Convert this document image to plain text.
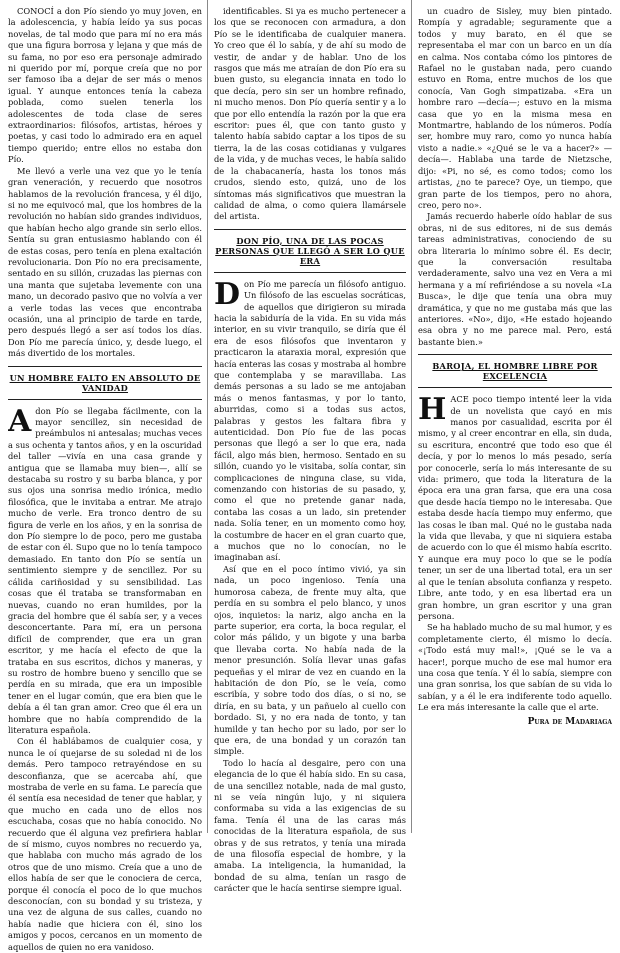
CONOCÍ a don Pío siendo yo muy joven, en la adolescencia, y había leído ya sus pocas novelas, de tal modo que para mí no era más que una figura borrosa y lejana y que más de su fama, no por eso era personaje admirado ni querido por mí, porque creía que no por ser famoso iba a dejar de ser más o menos igual. Y aunque entonces tenía la cabeza poblada, como suelen tenerla los adolescentes de toda clase de seres extraordinarios: filósofos, artistas, héroes y poetas, y casi todo lo admirado era en aquel tiempo querido; entre ellos no estaba don Pío.

Me llevó a verle una vez que yo le tenía gran veneración, y recuerdo que nosotros hablamos de la revolución francesa, y él dijo, si no me equivocó mal, que los hombres de la revolución no habían sido grandes individuos, que habían hecho algo grande sin serlo ellos. Sentía su gran entusiasmo hablando con él de estas cosas, pero tenía en plena exaltación revolucionaria. Don Pío no era precisamente, sentado en su sillón, cruzadas las piernas con una manta que sujetaba levemente con una mano, un decorado pasivo que no volvía a ver a verle todas las veces que encontraba ocasión, una al principio de tarde en tarde, pero después llegó a ser así todos los días. Don Pío me parecía único, y, desde luego, el más divertido de los mortales.

UN HOMBRE FALTO EN ABSOLUTO DE VANIDAD

Adon Pío se llegaba fácilmente, con la mayor sencillez, sin necesidad de preámbulos ni antesalas; muchas veces a sus ochenta y tantos años, y en la oscuridad del taller —vivía en una casa grande y antigua que se llamaba muy bien—, allí se destacaba su rostro y su barba blanca, y por sus ojos una sonrisa medio irónica, medio filosófica, que le invitaba a entrar. Me atrajo mucho de verle. Era tronco dentro de su figura de verle en los años, y en la sonrisa de don Pío siempre lo de poco, pero me gustaba de estar con él. Supo que no lo tenía tampoco demasiado. En tanto don Pío se sentía un sentimiento siempre y de sencillez. Por su cálida cariñosidad y su sensibilidad. Las cosas que él trataba se transformaban en nuevas, cuando no eran humildes, por la gracia del hombre que él sabía ser, y a veces desconcertante. Para mí, era un persona difícil de comprender, que era un gran escritor, y me hacía el efecto de que la trataba en sus escritos, dichos y maneras, y su rostro de hombre bueno y sencillo que se perdía en su mirada, que era un imposible tener en el lugar común, que era bien que le debía a él tan gran amor. Creo que él era un hombre que no había comprendido de la literatura española.

Con él hablábamos de cualquier cosa, y nunca le oí quejarse de su soledad ni de los demás. Pero tampoco retrayéndose en su desconfianza, que se acercaba ahí, que mostraba de verle en su fama. Le parecía que él sentía esa necesidad de tener que hablar, y que mucho en cada uno de ellos nos escuchaba, cosas que no había conocido. No recuerdo que él alguna vez prefiriera hablar de sí mismo, cuyos nombres no recuerdo ya, que hablaba con mucho más agrado de los otros que de uno mismo. Creía que a uno de ellos había de ser que le conociera de cerca, porque él conocía el poco de lo que muchos desconocían, con su bondad y su tristeza, y una vez de alguna de sus calles, cuando no había nadie que hiciera con él, sino los amigos y pocos, cercanos en un momento de aquellos de quien no era vanidoso.

identificables. Si ya es mucho pertenecer a los que se reconocen con armadura, a don Pío se le identificaba de cualquier manera. Yo creo que él lo sabía, y de ahí su modo de vestir, de andar y de hablar. Uno de los rasgos que más me atraían de don Pío era su buen gusto, su elegancia innata en todo lo que decía, pero sin ser un hombre refinado, ni mucho menos. Don Pío quería sentir y a lo que por ello entendía la razón por la que era escritor: pues él, que con tanto gusto y talento había sabido captar a los tipos de su tierra, la de las cosas cotidianas y vulgares de la vida, y de muchas veces, le había salido de la chabacanería, hasta los tonos más crudos, siendo esto, quizá, uno de los síntomas más significativos que muestran la calidad de alma, o como quiera llamársele del artista.

DON PÍO, UNA DE LAS POCAS PERSONAS QUE LLEGÓ A SER LO QUE ERA

Don Pío me parecía un filósofo antiguo. Un filósofo de las escuelas socráticas, de aquellos que dirigieron su mirada hacia la sabiduría de la vida. En su vida más interior, en su vivir tranquilo, se diría que él era de esos filósofos que inventaron y practicaron la ataraxia moral, expresión que hacía enteras las cosas y mostraba al hombre que contemplaba y se maravillaba. Las demás personas a su lado se me antojaban más o menos fantasmas, y por lo tanto, aburridas, como si a todas sus actos, palabras y gestos les faltara fibra y autenticidad. Don Pío fue de las pocas personas que llegó a ser lo que era, nada fácil, algo más bien, hermoso. Sentado en su sillón, cuando yo le visitaba, solía contar, sin complicaciones de ninguna clase, su vida, comenzando con historias de su pasado, y, como el que no pretende ganar nada, contaba las cosas a un lado, sin pretender nada. Solía tener, en un momento como hoy, la costumbre de hacer en el gran cuarto que, a muchos que no lo conocían, no le imaginaban así.

Así que en el poco íntimo vivió, ya sin nada, un poco ingenioso. Tenía una humorosa cabeza, de frente muy alta, que perdía en su sombra el pelo blanco, y unos ojos, inquietos: la nariz, algo ancha en la parte superior, era corta, la boca regular, el color más pálido, y un bigote y una barba que llevaba corta. No había nada de la menor presunción. Solía llevar unas gafas pequeñas y el mirar de vez en cuando en la habitación de don Pío, se le veía, como escribía, y sobre todo dos días, o si no, se diría, en su bata, y un pañuelo al cuello con bordado. Si, y no era nada de tonto, y tan humilde y tan hecho por su lado, por ser lo que era, de una bondad y un corazón tan simple.

Todo lo hacía al desgaire, pero con una elegancia de lo que él había sido. En su casa, de una sencillez notable, nada de mal gusto, ni se veía ningún lujo, y ni siquiera conformaba su vida a las exigencias de su fama. Tenía él una de las caras más conocidas de la literatura española, de sus obras y de sus retratos, y tenía una mirada de una filosofía especial de hombre, y la amaba. La inteligencia, la humanidad, la bondad de su alma, tenían un rasgo de carácter que le hacía sentirse siempre igual.

un cuadro de Sisley, muy bien pintado. Rompía y agradable; seguramente que a todos y muy barato, en él que se representaba el mar con un barco en un día en calma. Nos contaba cómo los pintores de Rafael no le gustaban nada, pero cuando estuvo en Roma, entre muchos de los que conocía, Van Gogh simpatizaba. «Era un hombre raro —decía—; estuvo en la misma casa que yo en la misma mesa en Montmartre, hablando de los números. Podía ser, hombre muy raro, como yo nunca había visto a nadie.» «¿Qué se le va a hacer?» —decía—. Hablaba una tarde de Nietzsche, dijo: «Pi, no sé, es como todos; como los artistas, ¿no te parece? Oye, un tiempo, que gran parte de los tiempos, pero no ahora, creo, pero no».

Jamás recuerdo haberle oído hablar de sus obras, ni de sus editores, ni de sus demás tareas administrativas, conociendo de su obra literaria lo mínimo sobre él. Es decir, que la conversación resultaba verdaderamente, salvo una vez en Vera a mi hermana y a mí refiriéndose a su novela «La Busca», le dije que tenía una obra muy dramática, y que no me gustaba más que las anteriores. «No», dijo, «He estado hojeando esa obra y no me parece mal. Pero, está bastante bien.»

BAROJA, EL HOMBRE LIBRE POR EXCELENCIA

HACE poco tiempo intenté leer la vida de un novelista que cayó en mis manos por casualidad, escrita por él mismo, y al creer encontrar en ella, sin duda, su escritura, encontré que todo eso que él decía, y por lo menos lo más pesado, sería por conocerle, sería lo más interesante de su vida: primero, que toda la literatura de la época era una gran farsa, que era una cosa que desde hacía tiempo no le interesaba. Que estaba desde hacía tiempo muy enfermo, que las cosas le iban mal. Qué no le gustaba nada la vida que llevaba, y que ni siquiera estaba de acuerdo con lo que él mismo había escrito. Y aunque era muy poco lo que se le podía tener, un ser de una libertad total, era un ser al que le tenían absoluta confianza y respeto. Libre, ante todo, y en esa libertad era un gran hombre, un gran escritor y una gran persona.

Se ha hablado mucho de su mal humor, y es completamente cierto, él mismo lo decía. «¡Todo está muy mal!», ¡Qué se le va a hacer!, porque mucho de ese mal humor era una cosa que tenía. Y él lo sabía, siempre con una gran sonrisa, los que sabían de su vida lo sabían, y a él le era indiferente todo aquello. Le era más interesante la calle que el arte.

Pura de Madariaga
